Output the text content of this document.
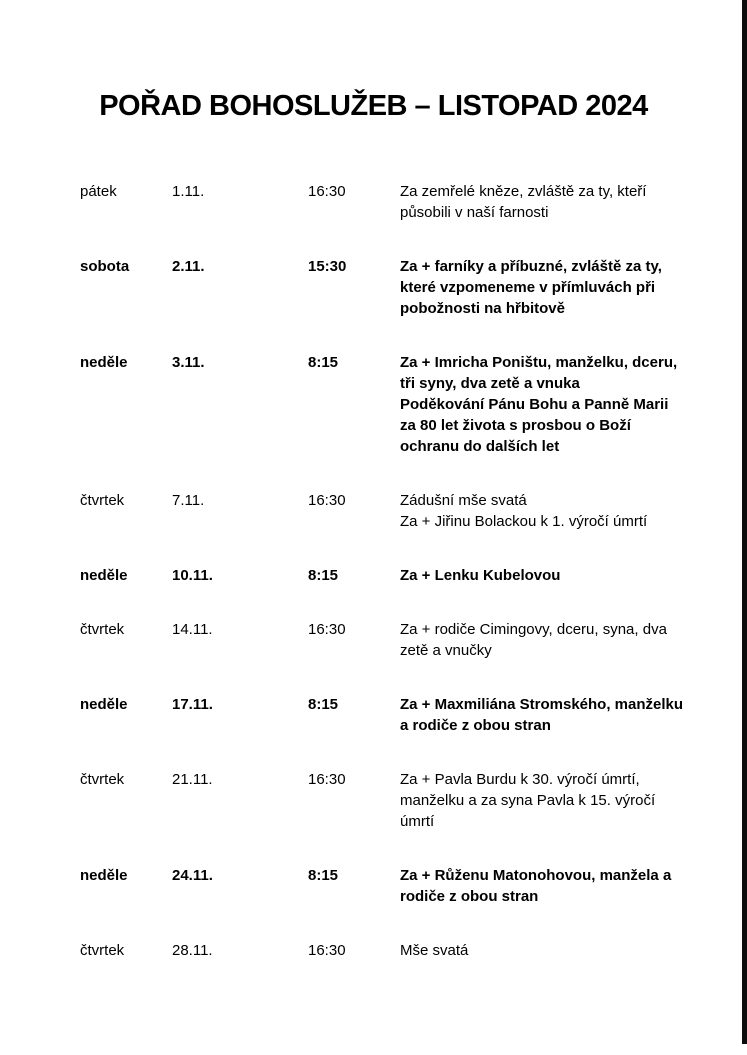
POŘAD BOHOSLUŽEB – LISTOPAD 2024
pátek	1.11.	16:30	Za zemřelé kněze, zvláště za ty, kteří
působili v naší farnosti
sobota	2.11.	15:30	Za + farníky a příbuzné, zvláště za ty,
které vzpomeneme v přímluvách při
pobožnosti na hřbitově
neděle	3.11.	8:15	Za + Imricha Poništu, manželku, dceru,
tři syny, dva zetě a vnuka
Poděkování Pánu Bohu a Panně Marii
za 80 let života s prosbou o Boží
ochranu do dalších let
čtvrtek	7.11.	16:30	Zádušní mše svatá
Za + Jiřinu Bolackou k 1. výročí úmrtí
neděle	10.11.	8:15	Za + Lenku Kubelovou
čtvrtek	14.11.	16:30	Za + rodiče Cimingovy, dceru, syna, dva
zetě a vnučky
neděle	17.11.	8:15	Za + Maxmiliána Stromského, manželku
a rodiče z obou stran
čtvrtek	21.11.	16:30	Za + Pavla Burdu k 30. výročí úmrtí,
manželku a za syna Pavla k 15. výročí
úmrtí
neděle	24.11.	8:15	Za + Růženu Matonohovou, manžela a
rodiče z obou stran
čtvrtek	28.11.	16:30	Mše svatá
